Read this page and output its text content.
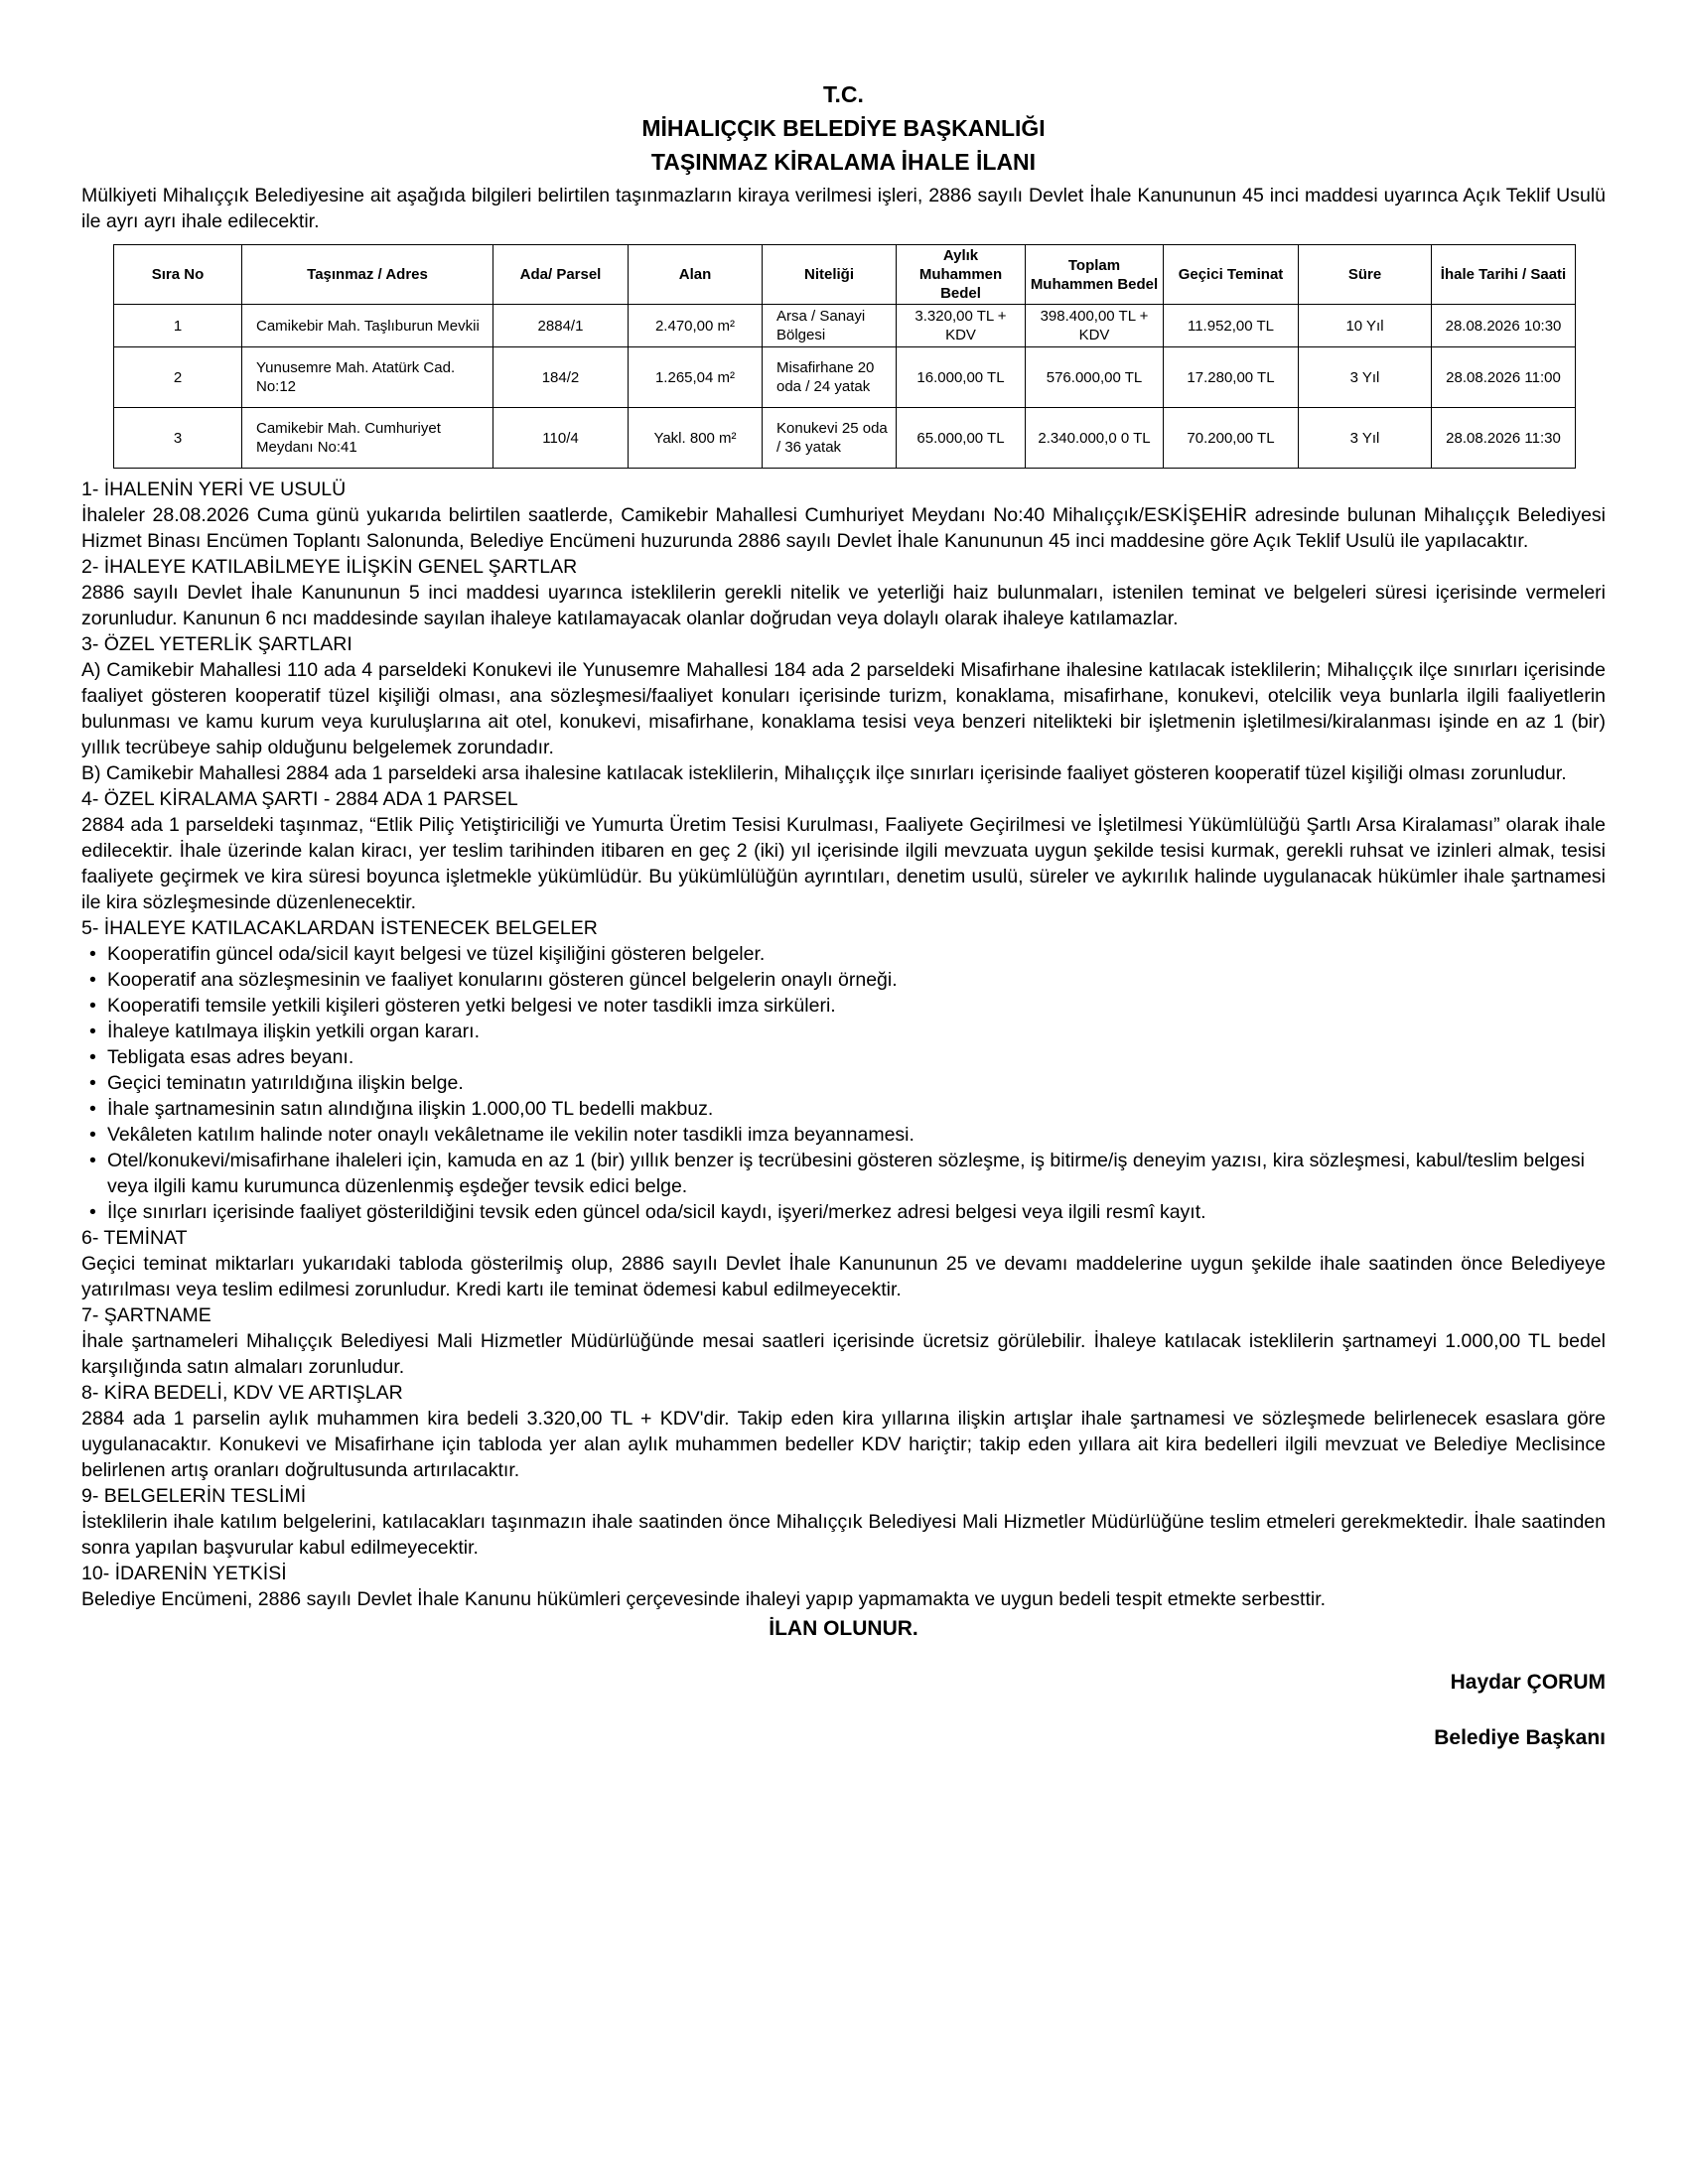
T.C.
MİHALIÇÇIK BELEDİYE BAŞKANLIĞI
TAŞINMAZ KİRALAMA İHALE İLANI
Mülkiyeti Mihalıççık Belediyesine ait aşağıda bilgileri belirtilen taşınmazların kiraya verilmesi işleri, 2886 sayılı Devlet İhale Kanununun 45 inci maddesi uyarınca Açık Teklif Usulü ile ayrı ayrı ihale edilecektir.
Sıra No	Taşınmaz / Adres	Ada/ Parsel	Alan	Niteliği	Aylık Muhammen Bedel	Toplam Muhammen Bedel	Geçici Teminat	Süre	İhale Tarihi / Saati
1	Camikebir Mah. Taşlıburun Mevkii	2884/1	2.470,00 m²	Arsa / Sanayi Bölgesi	3.320,00 TL + KDV	398.400,00 TL + KDV	11.952,00 TL	10 Yıl	28.08.2026 10:30
2	Yunusemre Mah. Atatürk Cad. No:12	184/2	1.265,04 m²	Misafirhane 20 oda / 24 yatak	16.000,00 TL	576.000,00 TL	17.280,00 TL	3 Yıl	28.08.2026 11:00
3	Camikebir Mah. Cumhuriyet Meydanı No:41	110/4	Yakl. 800 m²	Konukevi 25 oda / 36 yatak	65.000,00 TL	2.340.000,0 0 TL	70.200,00 TL	3 Yıl	28.08.2026 11:30
1- İHALENİN YERİ VE USULÜ
İhaleler 28.08.2026 Cuma günü yukarıda belirtilen saatlerde, Camikebir Mahallesi Cumhuriyet Meydanı No:40 Mihalıççık/ESKİŞEHİR adresinde bulunan Mihalıççık Belediyesi Hizmet Binası Encümen Toplantı Salonunda, Belediye Encümeni huzurunda 2886 sayılı Devlet İhale Kanununun 45 inci maddesine göre Açık Teklif Usulü ile yapılacaktır.
2- İHALEYE KATILABİLMEYE İLİŞKİN GENEL ŞARTLAR
2886 sayılı Devlet İhale Kanununun 5 inci maddesi uyarınca isteklilerin gerekli nitelik ve yeterliği haiz bulunmaları, istenilen teminat ve belgeleri süresi içerisinde vermeleri zorunludur. Kanunun 6 ncı maddesinde sayılan ihaleye katılamayacak olanlar doğrudan veya dolaylı olarak ihaleye katılamazlar.
3- ÖZEL YETERLİK ŞARTLARI
A) Camikebir Mahallesi 110 ada 4 parseldeki Konukevi ile Yunusemre Mahallesi 184 ada 2 parseldeki Misafirhane ihalesine katılacak isteklilerin; Mihalıççık ilçe sınırları içerisinde faaliyet gösteren kooperatif tüzel kişiliği olması, ana sözleşmesi/faaliyet konuları içerisinde turizm, konaklama, misafirhane, konukevi, otelcilik veya bunlarla ilgili faaliyetlerin bulunması ve kamu kurum veya kuruluşlarına ait otel, konukevi, misafirhane, konaklama tesisi veya benzeri nitelikteki bir işletmenin işletilmesi/kiralanması işinde en az 1 (bir) yıllık tecrübeye sahip olduğunu belgelemek zorundadır.
B) Camikebir Mahallesi 2884 ada 1 parseldeki arsa ihalesine katılacak isteklilerin, Mihalıççık ilçe sınırları içerisinde faaliyet gösteren kooperatif tüzel kişiliği olması zorunludur.
4- ÖZEL KİRALAMA ŞARTI - 2884 ADA 1 PARSEL
2884 ada 1 parseldeki taşınmaz, “Etlik Piliç Yetiştiriciliği ve Yumurta Üretim Tesisi Kurulması, Faaliyete Geçirilmesi ve İşletilmesi Yükümlülüğü Şartlı Arsa Kiralaması” olarak ihale edilecektir. İhale üzerinde kalan kiracı, yer teslim tarihinden itibaren en geç 2 (iki) yıl içerisinde ilgili mevzuata uygun şekilde tesisi kurmak, gerekli ruhsat ve izinleri almak, tesisi faaliyete geçirmek ve kira süresi boyunca işletmekle yükümlüdür. Bu yükümlülüğün ayrıntıları, denetim usulü, süreler ve aykırılık halinde uygulanacak hükümler ihale şartnamesi ile kira sözleşmesinde düzenlenecektir.
5- İHALEYE KATILACAKLARDAN İSTENECEK BELGELER
• Kooperatifin güncel oda/sicil kayıt belgesi ve tüzel kişiliğini gösteren belgeler.
• Kooperatif ana sözleşmesinin ve faaliyet konularını gösteren güncel belgelerin onaylı örneği.
• Kooperatifi temsile yetkili kişileri gösteren yetki belgesi ve noter tasdikli imza sirküleri.
• İhaleye katılmaya ilişkin yetkili organ kararı.
• Tebligata esas adres beyanı.
• Geçici teminatın yatırıldığına ilişkin belge.
• İhale şartnamesinin satın alındığına ilişkin 1.000,00 TL bedelli makbuz.
• Vekâleten katılım halinde noter onaylı vekâletname ile vekilin noter tasdikli imza beyannamesi.
• Otel/konukevi/misafirhane ihaleleri için, kamuda en az 1 (bir) yıllık benzer iş tecrübesini gösteren sözleşme, iş bitirme/iş deneyim yazısı, kira sözleşmesi, kabul/teslim belgesi veya ilgili kamu kurumunca düzenlenmiş eşdeğer tevsik edici belge.
• İlçe sınırları içerisinde faaliyet gösterildiğini tevsik eden güncel oda/sicil kaydı, işyeri/merkez adresi belgesi veya ilgili resmî kayıt.
6- TEMİNAT
Geçici teminat miktarları yukarıdaki tabloda gösterilmiş olup, 2886 sayılı Devlet İhale Kanununun 25 ve devamı maddelerine uygun şekilde ihale saatinden önce Belediyeye yatırılması veya teslim edilmesi zorunludur. Kredi kartı ile teminat ödemesi kabul edilmeyecektir.
7- ŞARTNAME
İhale şartnameleri Mihalıççık Belediyesi Mali Hizmetler Müdürlüğünde mesai saatleri içerisinde ücretsiz görülebilir. İhaleye katılacak isteklilerin şartnameyi 1.000,00 TL bedel karşılığında satın almaları zorunludur.
8- KİRA BEDELİ, KDV VE ARTIŞLAR
2884 ada 1 parselin aylık muhammen kira bedeli 3.320,00 TL + KDV'dir. Takip eden kira yıllarına ilişkin artışlar ihale şartnamesi ve sözleşmede belirlenecek esaslara göre uygulanacaktır. Konukevi ve Misafirhane için tabloda yer alan aylık muhammen bedeller KDV hariçtir; takip eden yıllara ait kira bedelleri ilgili mevzuat ve Belediye Meclisince belirlenen artış oranları doğrultusunda artırılacaktır.
9- BELGELERİN TESLİMİ
İsteklilerin ihale katılım belgelerini, katılacakları taşınmazın ihale saatinden önce Mihalıççık Belediyesi Mali Hizmetler Müdürlüğüne teslim etmeleri gerekmektedir. İhale saatinden sonra yapılan başvurular kabul edilmeyecektir.
10- İDARENİN YETKİSİ
Belediye Encümeni, 2886 sayılı Devlet İhale Kanunu hükümleri çerçevesinde ihaleyi yapıp yapmamakta ve uygun bedeli tespit etmekte serbesttir.
İLAN OLUNUR.
Haydar ÇORUM
Belediye Başkanı
